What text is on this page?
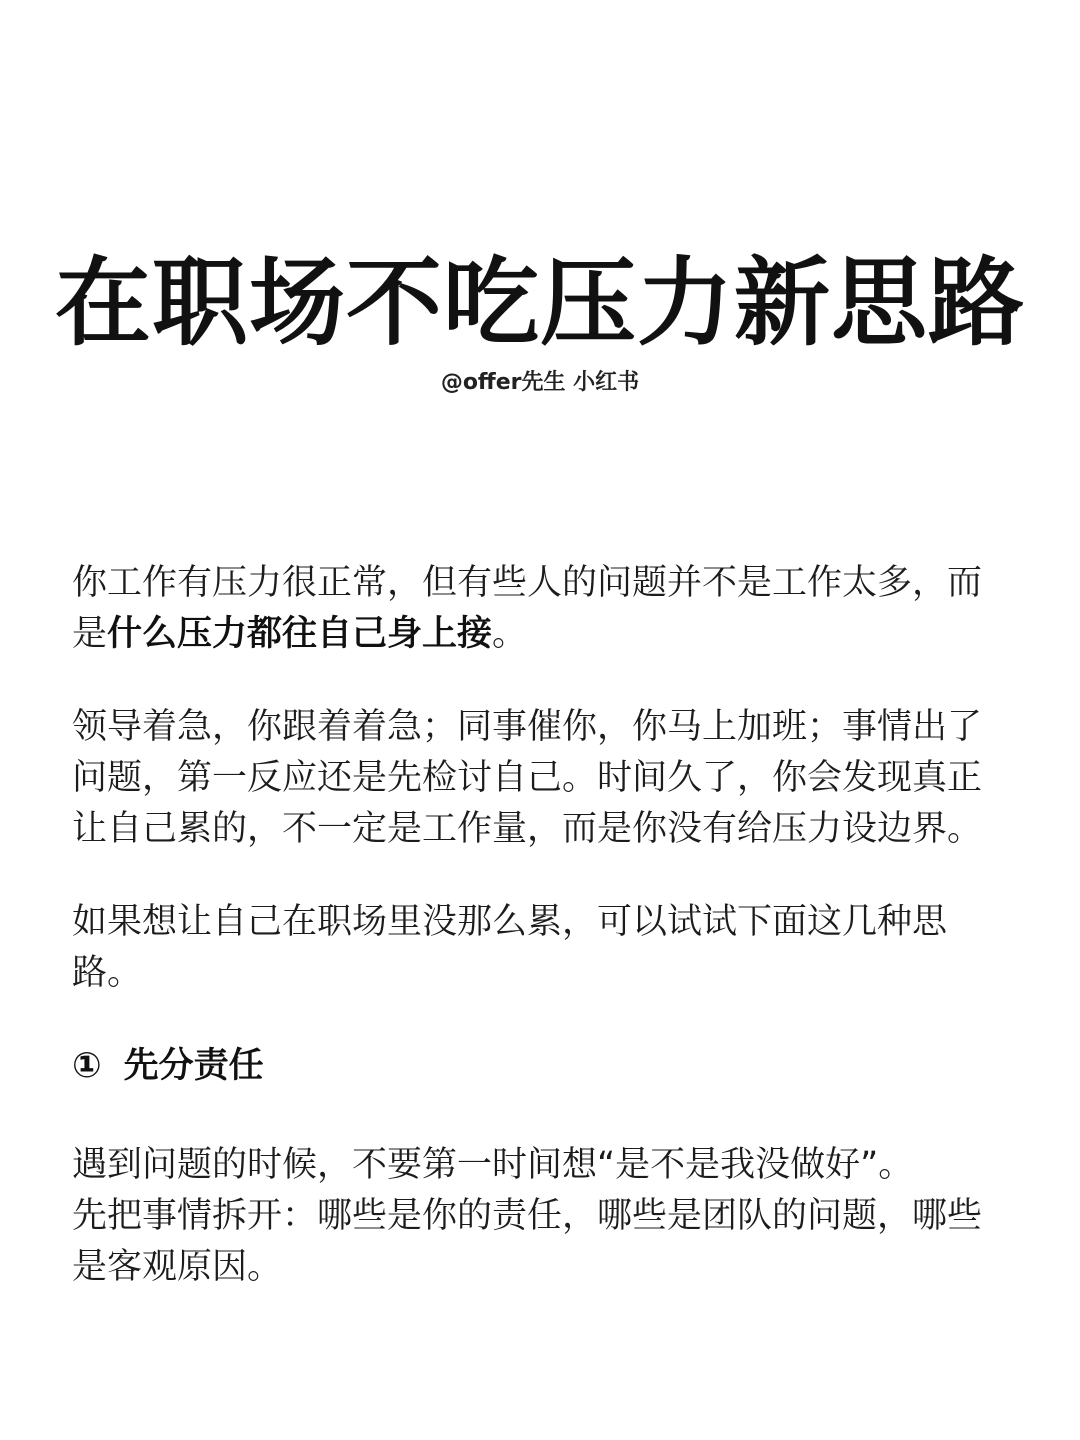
在职场不吃压力新思路
@offer先生 小红书

你工作有压力很正常，但有些人的问题并不是工作太多，而是什么压力都往自己身上接。

领导着急，你跟着着急；同事催你，你马上加班；事情出了问题，第一反应还是先检讨自己。时间久了，你会发现真正让自己累的，不一定是工作量，而是你没有给压力设边界。

如果想让自己在职场里没那么累，可以试试下面这几种思路。

① 先分责任

遇到问题的时候，不要第一时间想“是不是我没做好”。
先把事情拆开：哪些是你的责任，哪些是团队的问题，哪些是客观原因。
